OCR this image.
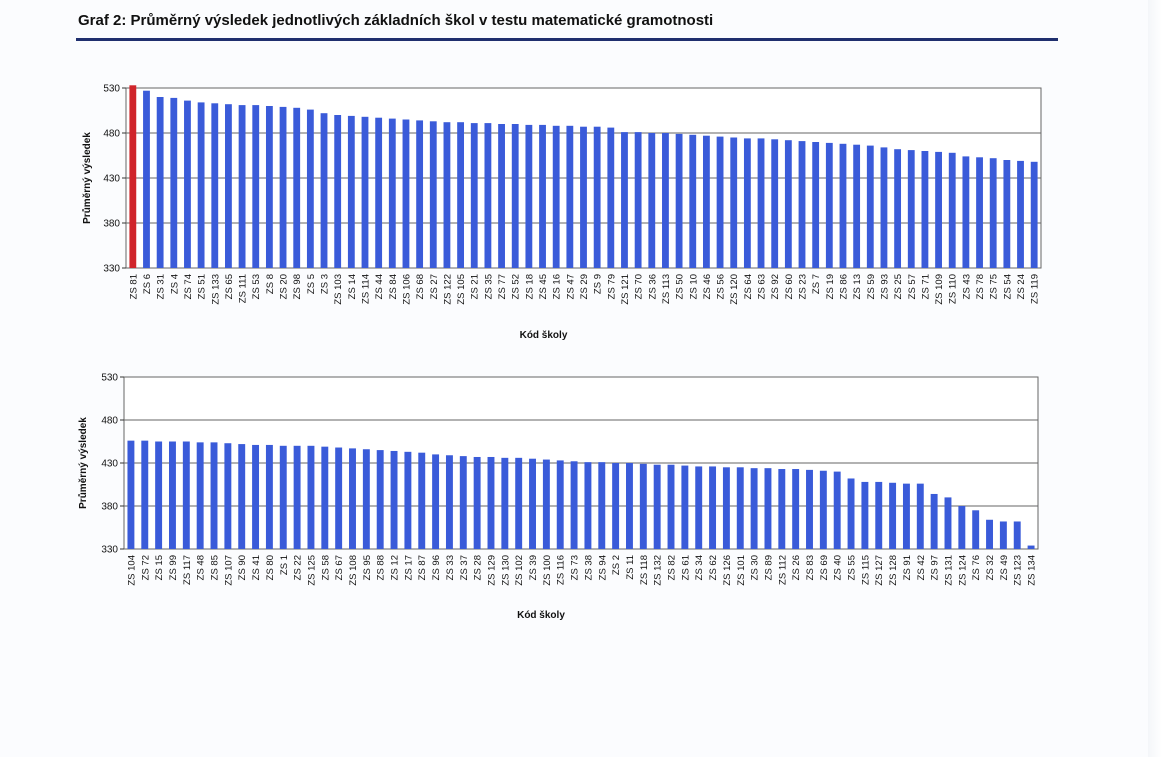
Graf 2: Průměrný výsledek jednotlivých základních škol v testu matematické gramotnosti
330
380
430
480
530
ZS 81 ZS 6 ZS 31 ZS 4 ZS 74 ZS 51 ZS 133 ZS 65 ZS 111 ZS 53 ZS 8 ZS 20 ZS 98 ZS 5 ZS 3 ZS 103 ZS 14 ZS 114 ZS 44 ZS 84 ZS 106 ZS 68 ZS 27 ZS 122 ZS 105 ZS 21 ZS 35 ZS 77 ZS 52 ZS 18 ZS 45 ZS 16 ZS 47 ZS 29 ZS 9 ZS 79 ZS 121 ZS 70 ZS 36 ZS 113 ZS 50 ZS 10 ZS 46 ZS 56 ZS 120 ZS 64 ZS 63 ZS 92 ZS 60 ZS 23 ZS 7 ZS 19 ZS 86 ZS 13 ZS 59 ZS 93 ZS 25 ZS 57 ZS 71 ZS 109 ZS 110 ZS 43 ZS 78 ZS 75 ZS 54 ZS 24 ZS 119
Kód školy
Průměrný výsledek
330
380
430
480
530
ZS 104 ZS 72 ZS 15 ZS 99 ZS 117 ZS 48 ZS 85 ZS 107 ZS 90 ZS 41 ZS 80 ZS 1 ZS 22 ZS 125 ZS 58 ZS 67 ZS 108 ZS 95 ZS 88 ZS 12 ZS 17 ZS 87 ZS 96 ZS 33 ZS 37 ZS 28 ZS 129 ZS 130 ZS 102 ZS 39 ZS 100 ZS 116 ZS 73 ZS 38 ZS 94 ZS 2 ZS 11 ZS 118 ZS 132 ZS 82 ZS 61 ZS 34 ZS 62 ZS 126 ZS 101 ZS 30 ZS 89 ZS 112 ZS 26 ZS 83 ZS 69 ZS 40 ZS 55 ZS 115 ZS 127 ZS 128 ZS 91 ZS 42 ZS 97 ZS 131 ZS 124 ZS 76 ZS 32 ZS 49 ZS 123 ZS 134
Kód školy
Průměrný výsledek
